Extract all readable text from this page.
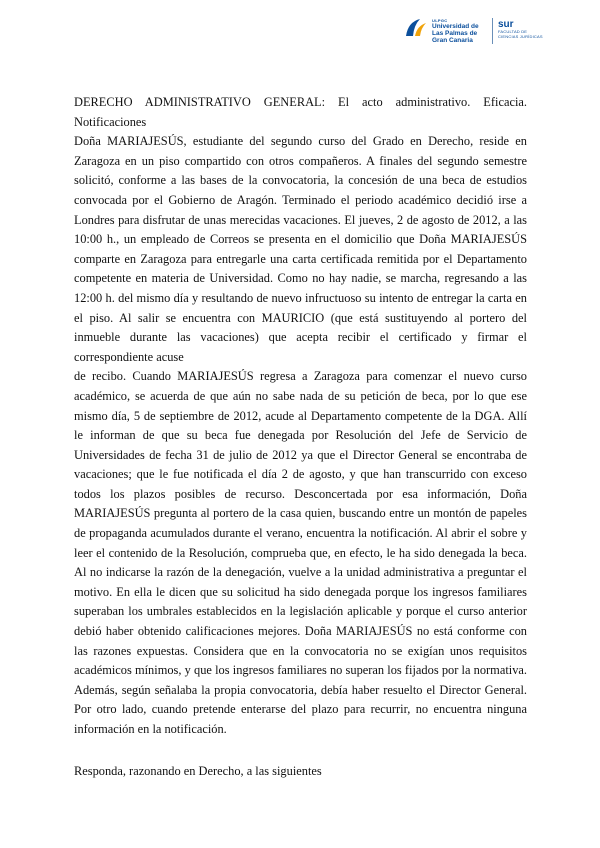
ULPGC
Universidad de
Las Palmas de
Gran Canaria
sur
FACULTAD DE
CIENCIAS JURÍDICAS

DERECHO ADMINISTRATIVO GENERAL: El acto administrativo. Eficacia. Notificaciones

Doña MARIAJESÚS, estudiante del segundo curso del Grado en Derecho, reside en Zaragoza en un piso compartido con otros compañeros. A finales del segundo semestre solicitó, conforme a las bases de la convocatoria, la concesión de una beca de estudios convocada por el Gobierno de Aragón. Terminado el periodo académico decidió irse a Londres para disfrutar de unas merecidas vacaciones. El jueves, 2 de agosto de 2012, a las 10:00 h., un empleado de Correos se presenta en el domicilio que Doña MARIAJESÚS comparte en Zaragoza para entregarle una carta certificada remitida por el Departamento competente en materia de Universidad. Como no hay nadie, se marcha, regresando a las 12:00 h. del mismo día y resultando de nuevo infructuoso su intento de entregar la carta en el piso. Al salir se encuentra con MAURICIO (que está sustituyendo al portero del inmueble durante las vacaciones) que acepta recibir el certificado y firmar el correspondiente acuse

de recibo. Cuando MARIAJESÚS regresa a Zaragoza para comenzar el nuevo curso académico, se acuerda de que aún no sabe nada de su petición de beca, por lo que ese mismo día, 5 de septiembre de 2012, acude al Departamento competente de la DGA. Allí le informan de que su beca fue denegada por Resolución del Jefe de Servicio de Universidades de fecha 31 de julio de 2012 ya que el Director General se encontraba de vacaciones; que le fue notificada el día 2 de agosto, y que han transcurrido con exceso todos los plazos posibles de recurso. Desconcertada por esa información, Doña MARIAJESÚS pregunta al portero de la casa quien, buscando entre un montón de papeles de propaganda acumulados durante el verano, encuentra la notificación. Al abrir el sobre y leer el contenido de la Resolución, comprueba que, en efecto, le ha sido denegada la beca. Al no indicarse la razón de la denegación, vuelve a la unidad administrativa a preguntar el motivo. En ella le dicen que su solicitud ha sido denegada porque los ingresos familiares superaban los umbrales establecidos en la legislación aplicable y porque el curso anterior debió haber obtenido calificaciones mejores. Doña MARIAJESÚS no está conforme con las razones expuestas. Considera que en la convocatoria no se exigían unos requisitos académicos mínimos, y que los ingresos familiares no superan los fijados por la normativa. Además, según señalaba la propia convocatoria, debía haber resuelto el Director General. Por otro lado, cuando pretende enterarse del plazo para recurrir, no encuentra ninguna información en la notificación.

Responda, razonando en Derecho, a las siguientes
